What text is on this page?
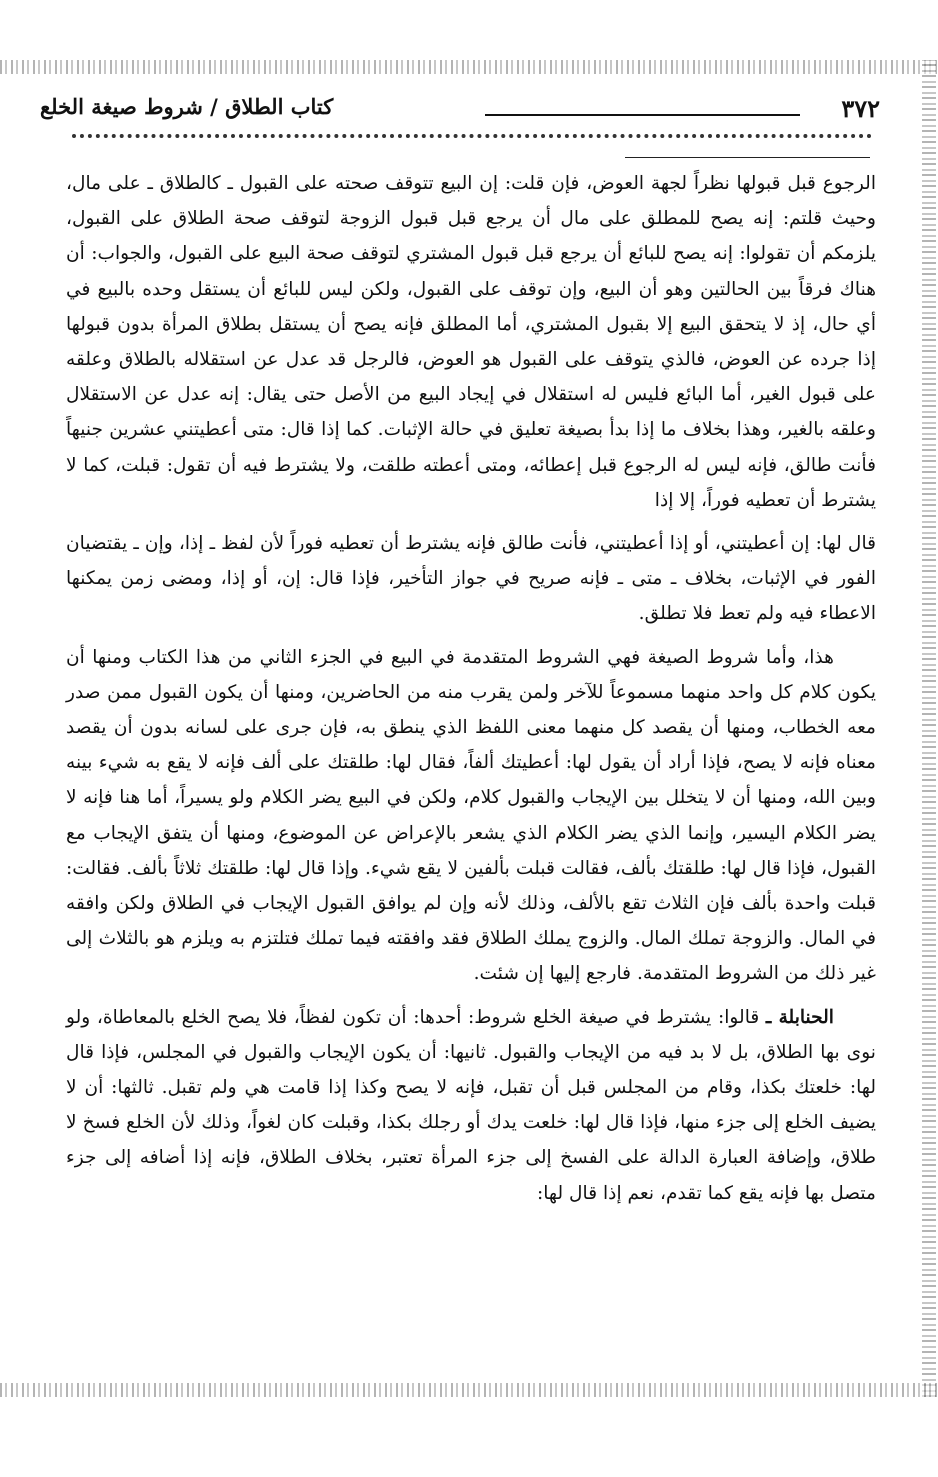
٣٧٢
كتاب الطلاق / شروط صيغة الخلع

الرجوع قبل قبولها نظراً لجهة العوض، فإن قلت: إن البيع تتوقف صحته على القبول ـ كالطلاق ـ على مال، وحيث قلتم: إنه يصح للمطلق على مال أن يرجع قبل قبول الزوجة لتوقف صحة الطلاق على القبول، يلزمكم أن تقولوا: إنه يصح للبائع أن يرجع قبل قبول المشتري لتوقف صحة البيع على القبول، والجواب: أن هناك فرقاً بين الحالتين وهو أن البيع، وإن توقف على القبول، ولكن ليس للبائع أن يستقل وحده بالبيع في أي حال، إذ لا يتحقق البيع إلا بقبول المشتري، أما المطلق فإنه يصح أن يستقل بطلاق المرأة بدون قبولها إذا جرده عن العوض، فالذي يتوقف على القبول هو العوض، فالرجل قد عدل عن استقلاله بالطلاق وعلقه على قبول الغير، أما البائع فليس له استقلال في إيجاد البيع من الأصل حتى يقال: إنه عدل عن الاستقلال وعلقه بالغير، وهذا بخلاف ما إذا بدأ بصيغة تعليق في حالة الإثبات. كما إذا قال: متى أعطيتني عشرين جنيهاً فأنت طالق، فإنه ليس له الرجوع قبل إعطائه، ومتى أعطته طلقت، ولا يشترط فيه أن تقول: قبلت، كما لا يشترط أن تعطيه فوراً، إلا إذا

قال لها: إن أعطيتني، أو إذا أعطيتني، فأنت طالق فإنه يشترط أن تعطيه فوراً لأن لفظ ـ إذا، وإن ـ يقتضيان الفور في الإثبات، بخلاف ـ متى ـ فإنه صريح في جواز التأخير، فإذا قال: إن، أو إذا، ومضى زمن يمكنها الاعطاء فيه ولم تعط فلا تطلق.

هذا، وأما شروط الصيغة فهي الشروط المتقدمة في البيع في الجزء الثاني من هذا الكتاب ومنها أن يكون كلام كل واحد منهما مسموعاً للآخر ولمن يقرب منه من الحاضرين، ومنها أن يكون القبول ممن صدر معه الخطاب، ومنها أن يقصد كل منهما معنى اللفظ الذي ينطق به، فإن جرى على لسانه بدون أن يقصد معناه فإنه لا يصح، فإذا أراد أن يقول لها: أعطيتك ألفاً، فقال لها: طلقتك على ألف فإنه لا يقع به شيء بينه وبين الله، ومنها أن لا يتخلل بين الإيجاب والقبول كلام، ولكن في البيع يضر الكلام ولو يسيراً، أما هنا فإنه لا يضر الكلام اليسير، وإنما الذي يضر الكلام الذي يشعر بالإعراض عن الموضوع، ومنها أن يتفق الإيجاب مع القبول، فإذا قال لها: طلقتك بألف، فقالت قبلت بألفين لا يقع شيء. وإذا قال لها: طلقتك ثلاثاً بألف. فقالت: قبلت واحدة بألف فإن الثلاث تقع بالألف، وذلك لأنه وإن لم يوافق القبول الإيجاب في الطلاق ولكن وافقه في المال. والزوجة تملك المال. والزوج يملك الطلاق فقد وافقته فيما تملك فتلتزم به ويلزم هو بالثلاث إلى غير ذلك من الشروط المتقدمة. فارجع إليها إن شئت.

الحنابلة ـ قالوا: يشترط في صيغة الخلع شروط: أحدها: أن تكون لفظاً، فلا يصح الخلع بالمعاطاة، ولو نوى بها الطلاق، بل لا بد فيه من الإيجاب والقبول. ثانيها: أن يكون الإيجاب والقبول في المجلس، فإذا قال لها: خلعتك بكذا، وقام من المجلس قبل أن تقبل، فإنه لا يصح وكذا إذا قامت هي ولم تقبل. ثالثها: أن لا يضيف الخلع إلى جزء منها، فإذا قال لها: خلعت يدك أو رجلك بكذا، وقبلت كان لغواً، وذلك لأن الخلع فسخ لا طلاق، وإضافة العبارة الدالة على الفسخ إلى جزء المرأة تعتبر، بخلاف الطلاق، فإنه إذا أضافه إلى جزء متصل بها فإنه يقع كما تقدم، نعم إذا قال لها:
